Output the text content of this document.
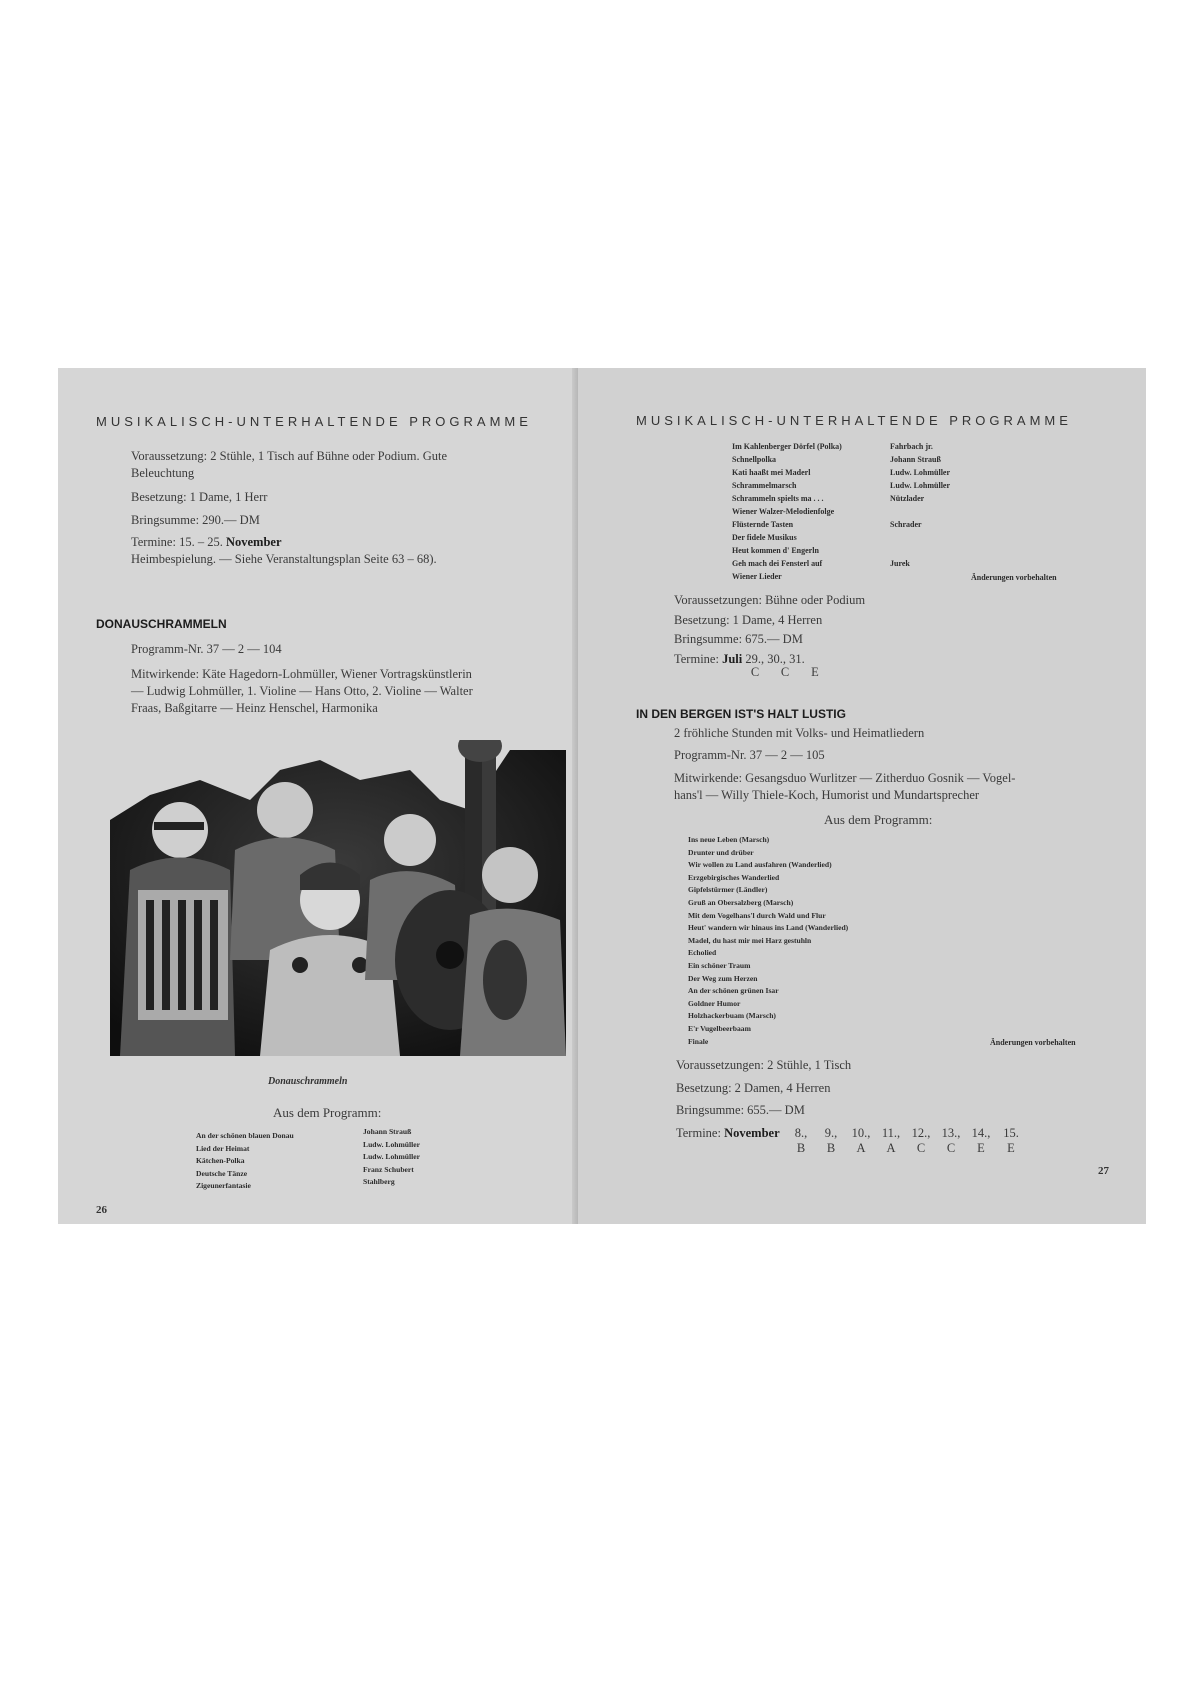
MUSIKALISCH-UNTERHALTENDE PROGRAMME
Voraussetzung: 2 Stühle, 1 Tisch auf Bühne oder Podium. Gute
Beleuchtung
Besetzung: 1 Dame, 1 Herr
Bringsumme: 290.— DM
Termine: 15. – 25. November
Heimbespielung. — Siehe Veranstaltungsplan Seite 63 – 68).
DONAUSCHRAMMELN
Programm-Nr. 37 — 2 — 104
Mitwirkende: Käte Hagedorn-Lohmüller, Wiener Vortragskünstlerin
— Ludwig Lohmüller, 1. Violine — Hans Otto, 2. Violine — Walter
Fraas, Baßgitarre — Heinz Henschel, Harmonika
Donauschrammeln
Aus dem Programm:
An der schönen blauen Donau
Lied der Heimat
Kätchen-Polka
Deutsche Tänze
Zigeunerfantasie
Johann Strauß
Ludw. Lohmüller
Ludw. Lohmüller
Franz Schubert
Stahlberg
26
MUSIKALISCH-UNTERHALTENDE PROGRAMME
Im Kahlenberger Dörfel (Polka)
Schnellpolka
Kati haaßt mei Maderl
Schrammelmarsch
Schrammeln spielts ma . . .
Wiener Walzer-Melodienfolge
Flüsternde Tasten
Der fidele Musikus
Heut kommen d' Engerln
Geh mach dei Fensterl auf
Wiener Lieder
Fahrbach jr.
Johann Strauß
Ludw. Lohmüller
Ludw. Lohmüller
Nützlader

Schrader

Jurek
Änderungen vorbehalten
Voraussetzungen: Bühne oder Podium
Besetzung: 1 Dame, 4 Herren
Bringsumme: 675.— DM
Termine: Juli 29., 30., 31.
C C E
IN DEN BERGEN IST'S HALT LUSTIG
2 fröhliche Stunden mit Volks- und Heimatliedern
Programm-Nr. 37 — 2 — 105
Mitwirkende: Gesangsduo Wurlitzer — Zitherduo Gosnik — Vogel-
hans'l — Willy Thiele-Koch, Humorist und Mundartsprecher
Aus dem Programm:
Ins neue Leben (Marsch)
Drunter und drüber
Wir wollen zu Land ausfahren (Wanderlied)
Erzgebirgisches Wanderlied
Gipfelstürmer (Ländler)
Gruß an Obersalzberg (Marsch)
Mit dem Vogelhans'l durch Wald und Flur
Heut' wandern wir hinaus ins Land (Wanderlied)
Madel, du hast mir mei Harz gestuhln
Echolied
Ein schöner Traum
Der Weg zum Herzen
An der schönen grünen Isar
Goldner Humor
Holzhackerbuam (Marsch)
E'r Vugelbeerbaam
Finale	Änderungen vorbehalten
Voraussetzungen: 2 Stühle, 1 Tisch
Besetzung: 2 Damen, 4 Herren
Bringsumme: 655.— DM
Termine: November	8., 9., 10., 11., 12., 13., 14., 15.
B B A A C C E E
27
